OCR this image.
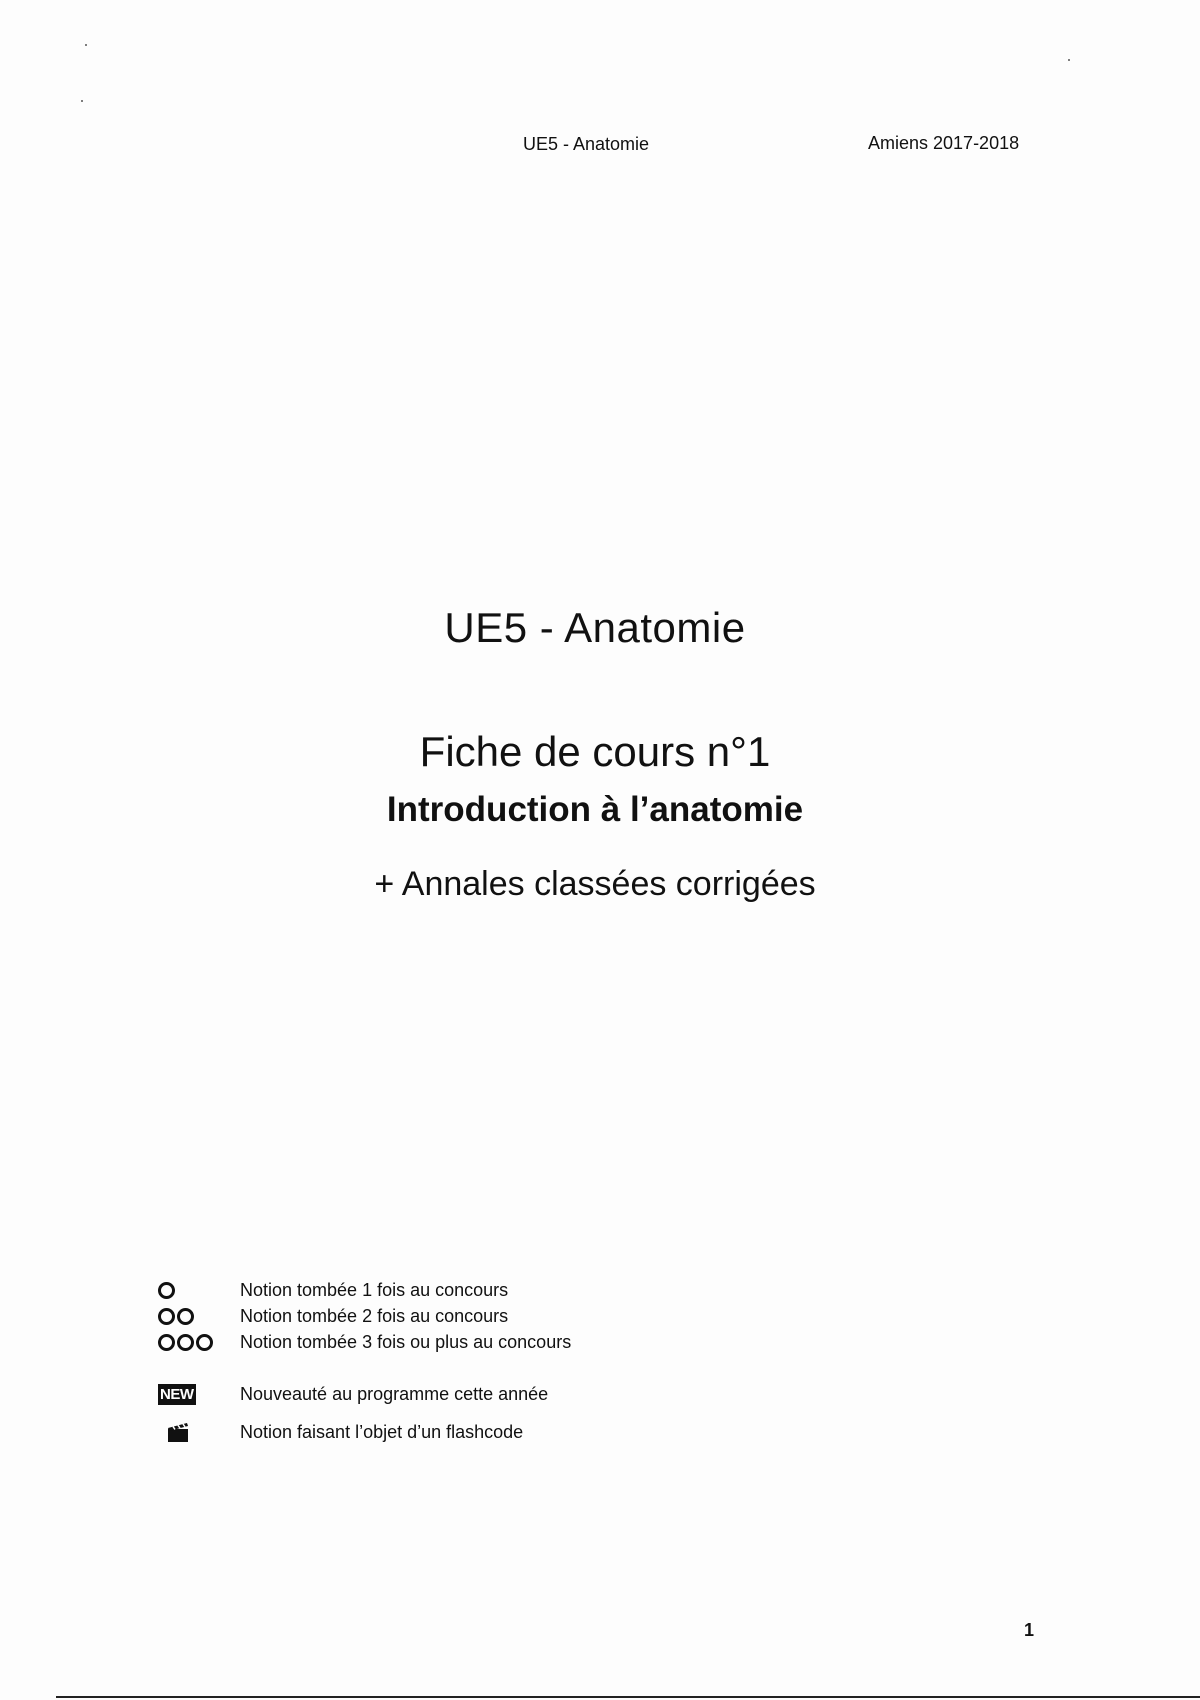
UE5 - Anatomie	Amiens 2017-2018
UE5 - Anatomie
Fiche de cours n°1
Introduction à l’anatomie
+ Annales classées corrigées
Notion tombée 1 fois au concours
Notion tombée 2 fois au concours
Notion tombée 3 fois ou plus au concours
NEW	Nouveauté au programme cette année
Notion faisant l’objet d’un flashcode
1
